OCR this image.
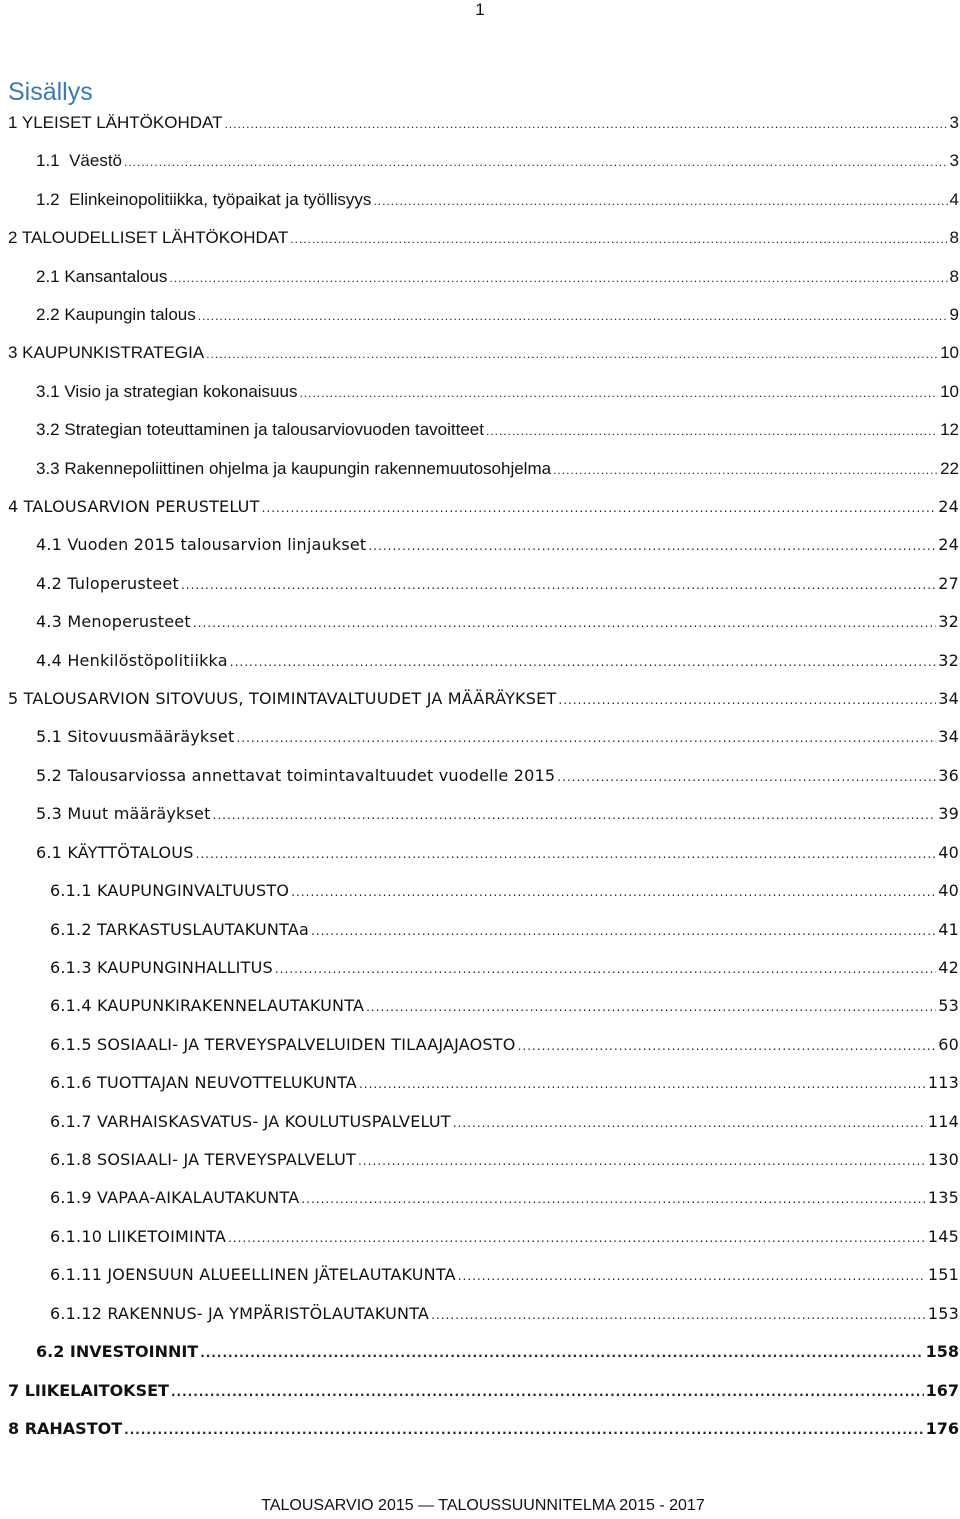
1
Sisällys
1 YLEISET LÄHTÖKOHDAT .....	3
1.1  Väestö .....	3
1.2  Elinkeinopolitiikka, työpaikat ja työllisyys .....	4
2 TALOUDELLISET LÄHTÖKOHDAT .....	8
2.1 Kansantalous .....	8
2.2 Kaupungin talous .....	9
3 KAUPUNKISTRATEGIA .....	10
3.1 Visio ja strategian kokonaisuus .....	10
3.2 Strategian toteuttaminen ja talousarviovuoden tavoitteet .....	12
3.3 Rakennepoliittinen ohjelma ja kaupungin rakennemuutosohjelma .....	22
4 TALOUSARVION PERUSTELUT .....	24
4.1 Vuoden 2015 talousarvion linjaukset .....	24
4.2 Tuloperusteet .....	27
4.3 Menoperusteet .....	32
4.4 Henkilöstöpolitiikka .....	32
5 TALOUSARVION SITOVUUS, TOIMINTAVALTUUDET JA MÄÄRÄYKSET .....	34
5.1 Sitovuusmääräykset .....	34
5.2 Talousarviossa annettavat toimintavaltuudet vuodelle 2015 .....	36
5.3 Muut määräykset .....	39
6.1 KÄYTTÖTALOUS .....	40
6.1.1 KAUPUNGINVALTUUSTO .....	40
6.1.2 TARKASTUSLAUTAKUNTAa .....	41
6.1.3 KAUPUNGINHALLITUS .....	42
6.1.4 KAUPUNKIRAKENNELAUTAKUNTA .....	53
6.1.5 SOSIAALI- JA TERVEYSPALVELUIDEN TILAAJAJAOSTO .....	60
6.1.6 TUOTTAJAN NEUVOTTELUKUNTA .....	113
6.1.7 VARHAISKASVATUS- JA KOULUTUSPALVELUT .....	114
6.1.8 SOSIAALI- JA TERVEYSPALVELUT .....	130
6.1.9 VAPAA-AIKALAUTAKUNTA .....	135
6.1.10 LIIKETOIMINTA .....	145
6.1.11 JOENSUUN ALUEELLINEN JÄTELAUTAKUNTA .....	151
6.1.12 RAKENNUS- JA YMPÄRISTÖLAUTAKUNTA .....	153
6.2 INVESTOINNIT .....	158
7 LIIKELAITOKSET .....	167
8 RAHASTOT .....	176
TALOUSARVIO 2015 — TALOUSSUUNNITELMA 2015 - 2017
